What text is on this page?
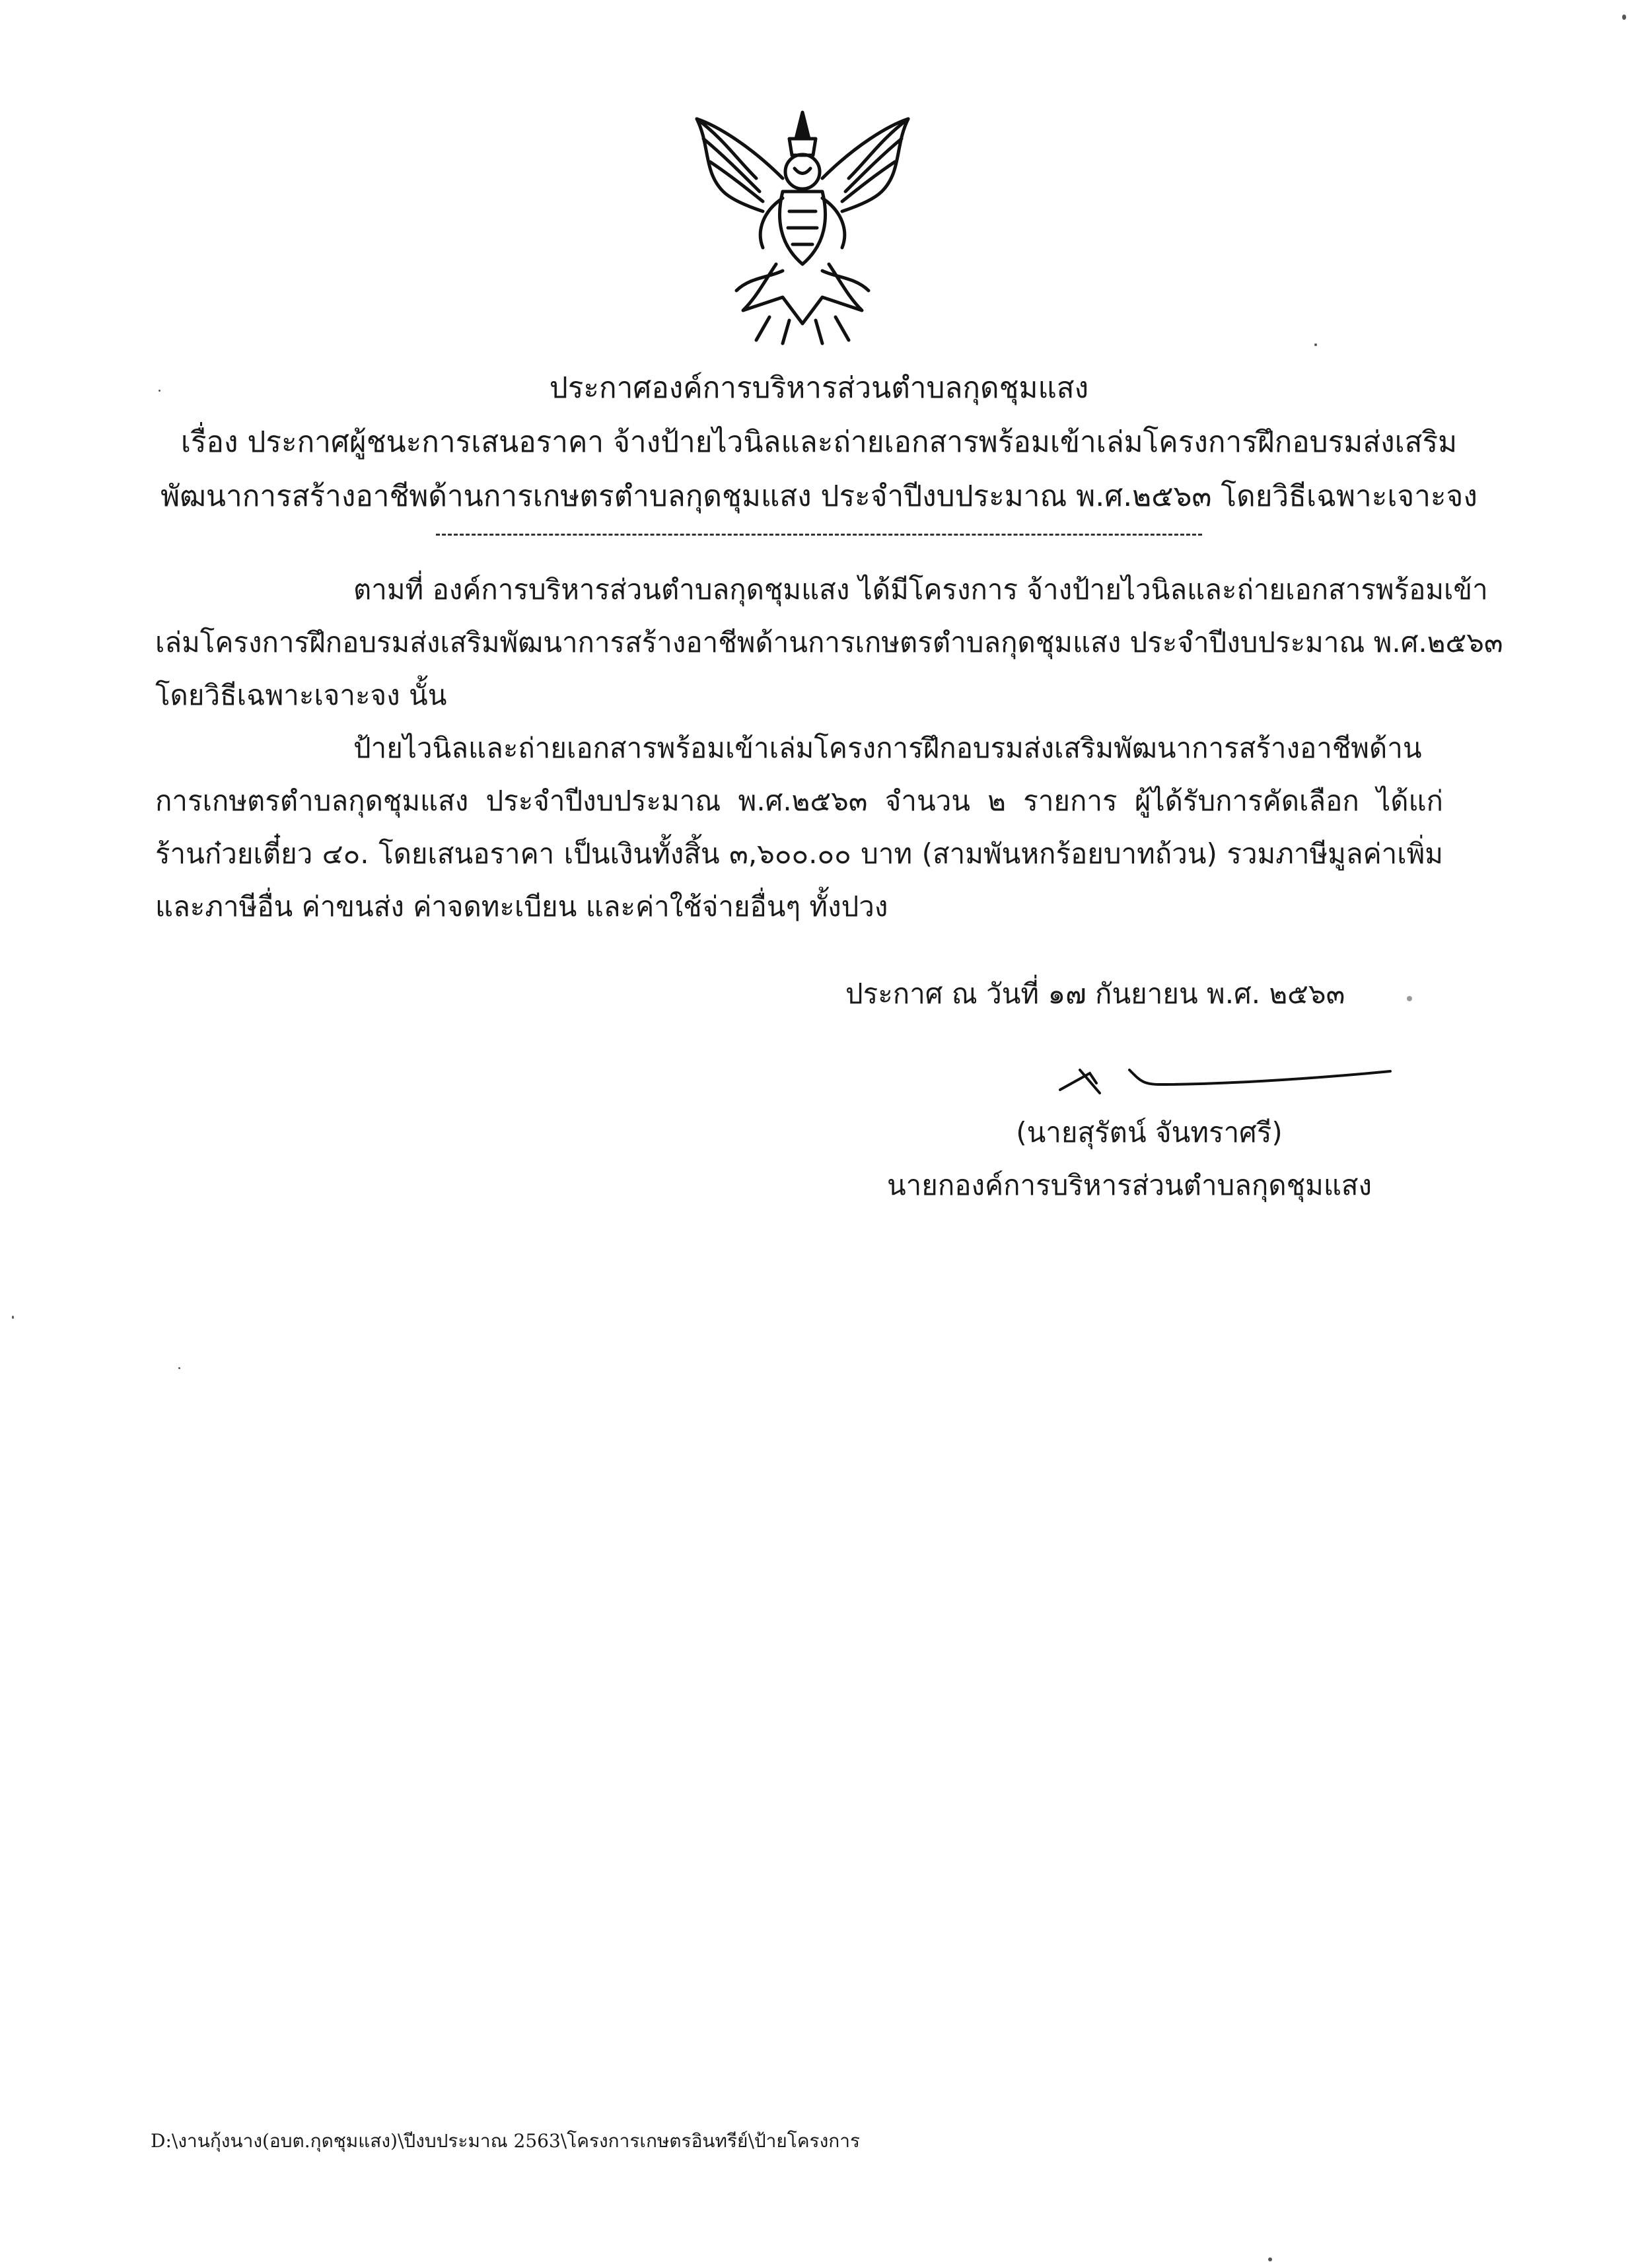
ประกาศองค์การบริหารส่วนตำบลกุดชุมแสง
เรื่อง ประกาศผู้ชนะการเสนอราคา จ้างป้ายไวนิลและถ่ายเอกสารพร้อมเข้าเล่มโครงการฝึกอบรมส่งเสริม
พัฒนาการสร้างอาชีพด้านการเกษตรตำบลกุดชุมแสง ประจำปีงบประมาณ พ.ศ.๒๕๖๓ โดยวิธีเฉพาะเจาะจง
ตามที่ องค์การบริหารส่วนตำบลกุดชุมแสง ได้มีโครงการ จ้างป้ายไวนิลและถ่ายเอกสารพร้อมเข้า
เล่มโครงการฝึกอบรมส่งเสริมพัฒนาการสร้างอาชีพด้านการเกษตรตำบลกุดชุมแสง ประจำปีงบประมาณ พ.ศ.๒๕๖๓
โดยวิธีเฉพาะเจาะจง นั้น
ป้ายไวนิลและถ่ายเอกสารพร้อมเข้าเล่มโครงการฝึกอบรมส่งเสริมพัฒนาการสร้างอาชีพด้าน
การเกษตรตำบลกุดชุมแสง ประจำปีงบประมาณ พ.ศ.๒๕๖๓ จำนวน ๒ รายการ ผู้ได้รับการคัดเลือก ได้แก่
ร้านก๋วยเตี๋ยว ๔๐. โดยเสนอราคา เป็นเงินทั้งสิ้น ๓,๖๐๐.๐๐ บาท (สามพันหกร้อยบาทถ้วน) รวมภาษีมูลค่าเพิ่ม
และภาษีอื่น ค่าขนส่ง ค่าจดทะเบียน และค่าใช้จ่ายอื่นๆ ทั้งปวง
ประกาศ ณ วันที่ ๑๗ กันยายน พ.ศ. ๒๕๖๓
(นายสุรัตน์ จันทราศรี)
นายกองค์การบริหารส่วนตำบลกุดชุมแสง
D:\งานกุ้งนาง(อบต.กุดชุมแสง)\ปีงบประมาณ 2563\โครงการเกษตรอินทรีย์\ป้ายโครงการ
